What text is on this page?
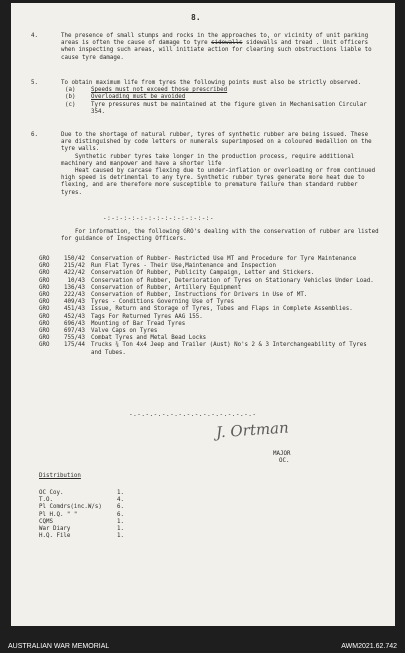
8.
4.	The presence of small stumps and rocks in the approaches to, or vicinity of unit parking areas is often the cause of damage to tyre sidewalls sidewalls and tread . Unit officers when inspecting such areas, will initiate action for clearing such obstructions liable to cause tyre damage.
5.	To obtain maximum life from tyres the following points must also be strictly observed.
(a)	Speeds must not exceed those prescribed
(b)	Overloading must be avoided
(c)	Tyre pressures must be maintained at the figure given in Mechanisation Circular 354.
6.	Due to the shortage of natural rubber, tyres of synthetic rubber are being issued. These are distinguished by code letters or numerals superimposed on a coloured medallion on the tyre walls.
Synthetic rubber tyres take longer in the production process, require additional machinery and manpower and have a shorter life
Heat caused by carcase flexing due to under-inflation or overloading or from continued high speed is detrimental to any tyre. Synthetic rubber tyres generate more heat due to flexing, and are therefore more susceptible to premature failure than standard rubber tyres.
-:-:-:-:-:-:-:-:-:-:-:-:-:-
For information, the following GRO's dealing with the conservation of rubber are listed for guidance of Inspecting Officers.
GRO	150/42	Conservation of Rubber- Restricted Use MT and Procedure for Tyre Maintenance
GRO	215/42	Run Flat Tyres - Their Use,Maintenance and Inspection
GRO	422/42	Conservation Of Rubber, Publicity Campaign, Letter and Stickers.
GRO	10/43	Conservation of Rubber, Deterioration of Tyres on Stationary Vehicles Under Load.
GRO	136/43	Conservation of Rubber, Artillery Equipment
GRO	222/43	Conservation of Rubber, Instructions for Drivers in Use of MT.
GRO	409/43	Tyres - Conditions Governing Use of Tyres
GRO	451/43	Issue, Return and Storage of Tyres, Tubes and Flaps in Complete Assemblies.
GRO	452/43	Tags For Returned Tyres AAG 155.
GRO	696/43	Mounting of Bar Tread Tyres
GRO	697/43	Valve Caps on Tyres
GRO	755/43	Combat Tyres and Metal Bead Locks
GRO	175/44	Trucks ¾ Ton 4x4 Jeep and Trailer (Aust) No's 2 & 3 Interchangeability of Tyres and Tubes.
-.-.-.-.-.-.-.-.-.-.-.-.-.-.-.-
J. Ortman
MAJOR
OC.
Distribution
OC Coy.	1.
T.O.	4.
Pl Comdrs(inc.W/s)	6.
Pl H.Q. " "	6.
CQMS	1.
War Diary	1.
H.Q. File	1.
AUSTRALIAN WAR MEMORIAL	AWM2021.62.742
